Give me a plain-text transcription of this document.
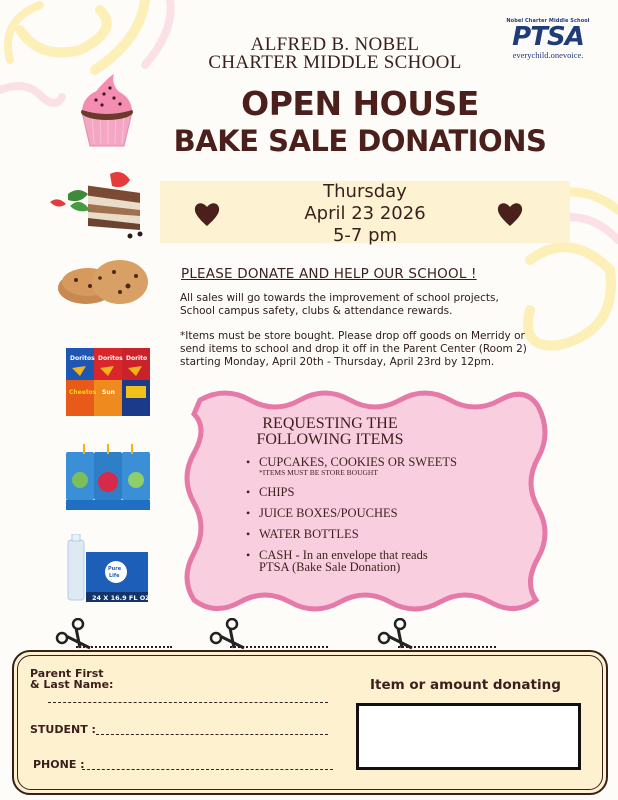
ALFRED B. NOBEL
CHARTER MIDDLE SCHOOL
Nobel Charter Middle School
PTSA
everychild.onevoice.
OPEN HOUSE
BAKE SALE DONATIONS
Doritos Doritos Dorito
Sun
Cheetos
Pure
Life
24 X 16.9 FL OZ
Thursday
April 23 2026
5-7 pm
PLEASE DONATE AND HELP OUR SCHOOL !
All sales will go towards the improvement of school projects,
School campus safety, clubs & attendance rewards.
*Items must be store bought. Please drop off goods on Merridy or
send items to school and drop it off in the Parent Center (Room 2)
starting Monday, April 20th - Thursday, April 23rd by 12pm.
REQUESTING THE
FOLLOWING ITEMS
• CUPCAKES, COOKIES OR SWEETS
*ITEMS MUST BE STORE BOUGHT
• CHIPS
• JUICE BOXES/POUCHES
• WATER BOTTLES
• CASH - In an envelope that reads
PTSA (Bake Sale Donation)
Parent First
& Last Name:
STUDENT :
PHONE :
Item or amount donating
